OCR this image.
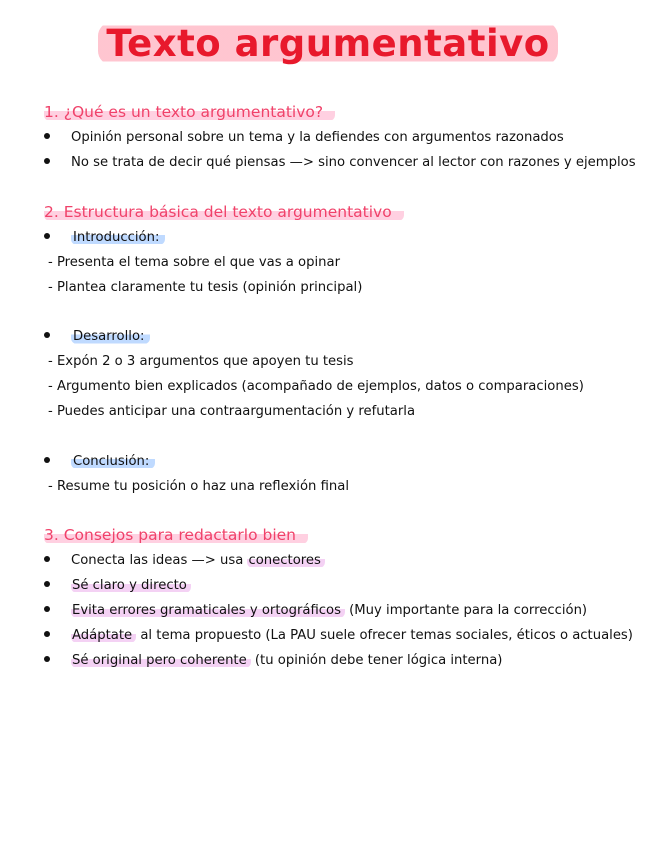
Texto argumentativo
1. ¿Qué es un texto argumentativo?
Opinión personal sobre un tema y la defiendes con argumentos razonados
No se trata de decir qué piensas —> sino convencer al lector con razones y ejemplos
2. Estructura básica del texto argumentativo
Introducción:
- Presenta el tema sobre el que vas a opinar
- Plantea claramente tu tesis (opinión principal)
Desarrollo:
- Expón 2 o 3 argumentos que apoyen tu tesis
- Argumento bien explicados (acompañado de ejemplos, datos o comparaciones)
- Puedes anticipar una contraargumentación y refutarla
Conclusión:
- Resume tu posición o haz una reflexión final
3. Consejos para redactarlo bien
Conecta las ideas —> usa conectores
Sé claro y directo
Evita errores gramaticales y ortográficos (Muy importante para la corrección)
Adáptate al tema propuesto (La PAU suele ofrecer temas sociales, éticos o actuales)
Sé original pero coherente (tu opinión debe tener lógica interna)
